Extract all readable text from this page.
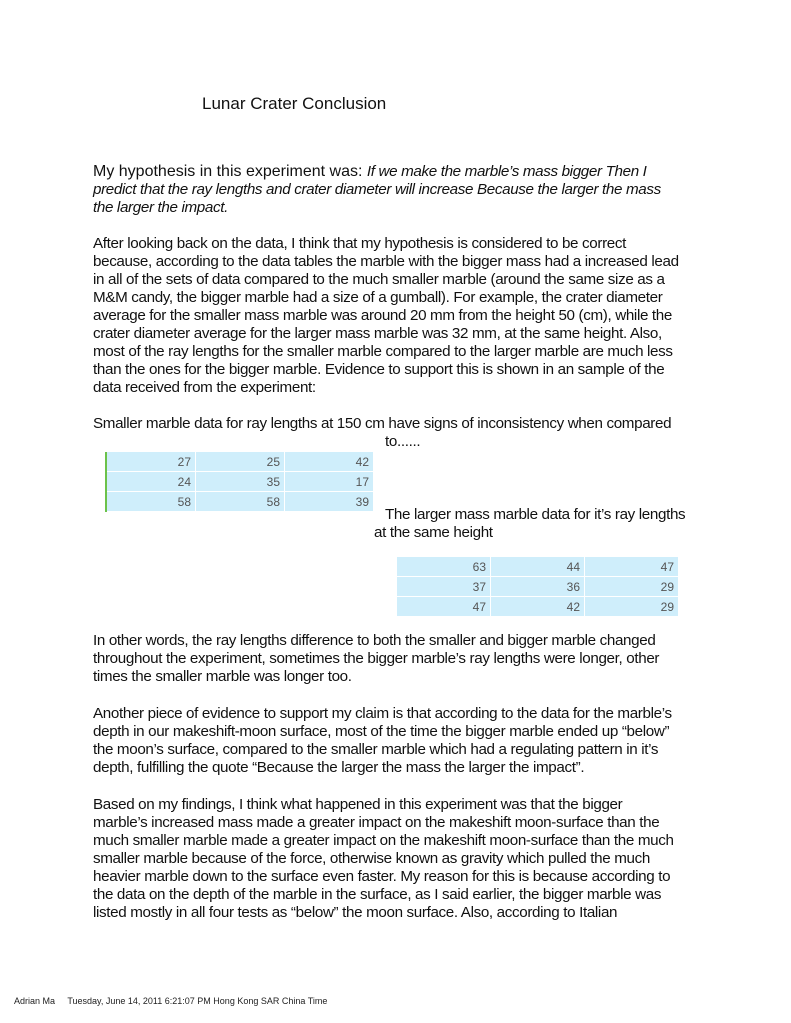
Lunar Crater Conclusion
My hypothesis in this experiment was: If we make the marble’s mass bigger Then I
predict that the ray lengths and crater diameter will increase Because the larger the mass
the larger the impact.

After looking back on the data, I think that my hypothesis is considered to be correct

because, according to the data tables the marble with the bigger mass had a increased lead

in all of the sets of data compared to the much smaller marble (around the same size as a

M&M candy, the bigger marble had a size of a gumball). For example, the crater diameter

average for the smaller mass marble was around 20 mm from the height 50 (cm), while the

crater diameter average for the larger mass marble was 32 mm, at the same height. Also,

most of the ray lengths for the smaller marble compared to the larger marble are much less

than the ones for the bigger marble. Evidence to support this is shown in an sample of the

data received from the experiment:

Smaller marble data for ray lengths at 150 cm have signs of inconsistency when compared
to......
27	25	42
24	35	17
58	58	39
The larger mass marble data for it’s ray lengths
at the same height
63	44	47
37	36	29
47	42	29

In other words, the ray lengths difference to both the smaller and bigger marble changed

throughout the experiment, sometimes the bigger marble’s ray lengths were longer, other

times the smaller marble was longer too.

Another piece of evidence to support my claim is that according to the data for the marble’s

depth in our makeshift-moon surface, most of the time the bigger marble ended up “below”

the moon’s surface, compared to the smaller marble which had a regulating pattern in it’s

depth, fulfilling the quote “Because the larger the mass the larger the impact”.

Based on my findings, I think what happened in this experiment was that the bigger

marble’s increased mass made a greater impact on the makeshift moon-surface than the

much smaller marble made a greater impact on the makeshift moon-surface than the much

smaller marble because of the force, otherwise known as gravity which pulled the much

heavier marble down to the surface even faster. My reason for this is because according to

the data on the depth of the marble in the surface, as I said earlier, the bigger marble was

listed mostly in all four tests as “below” the moon surface. Also, according to Italian

Adrian Ma Tuesday, June 14, 2011 6:21:07 PM Hong Kong SAR China Time
